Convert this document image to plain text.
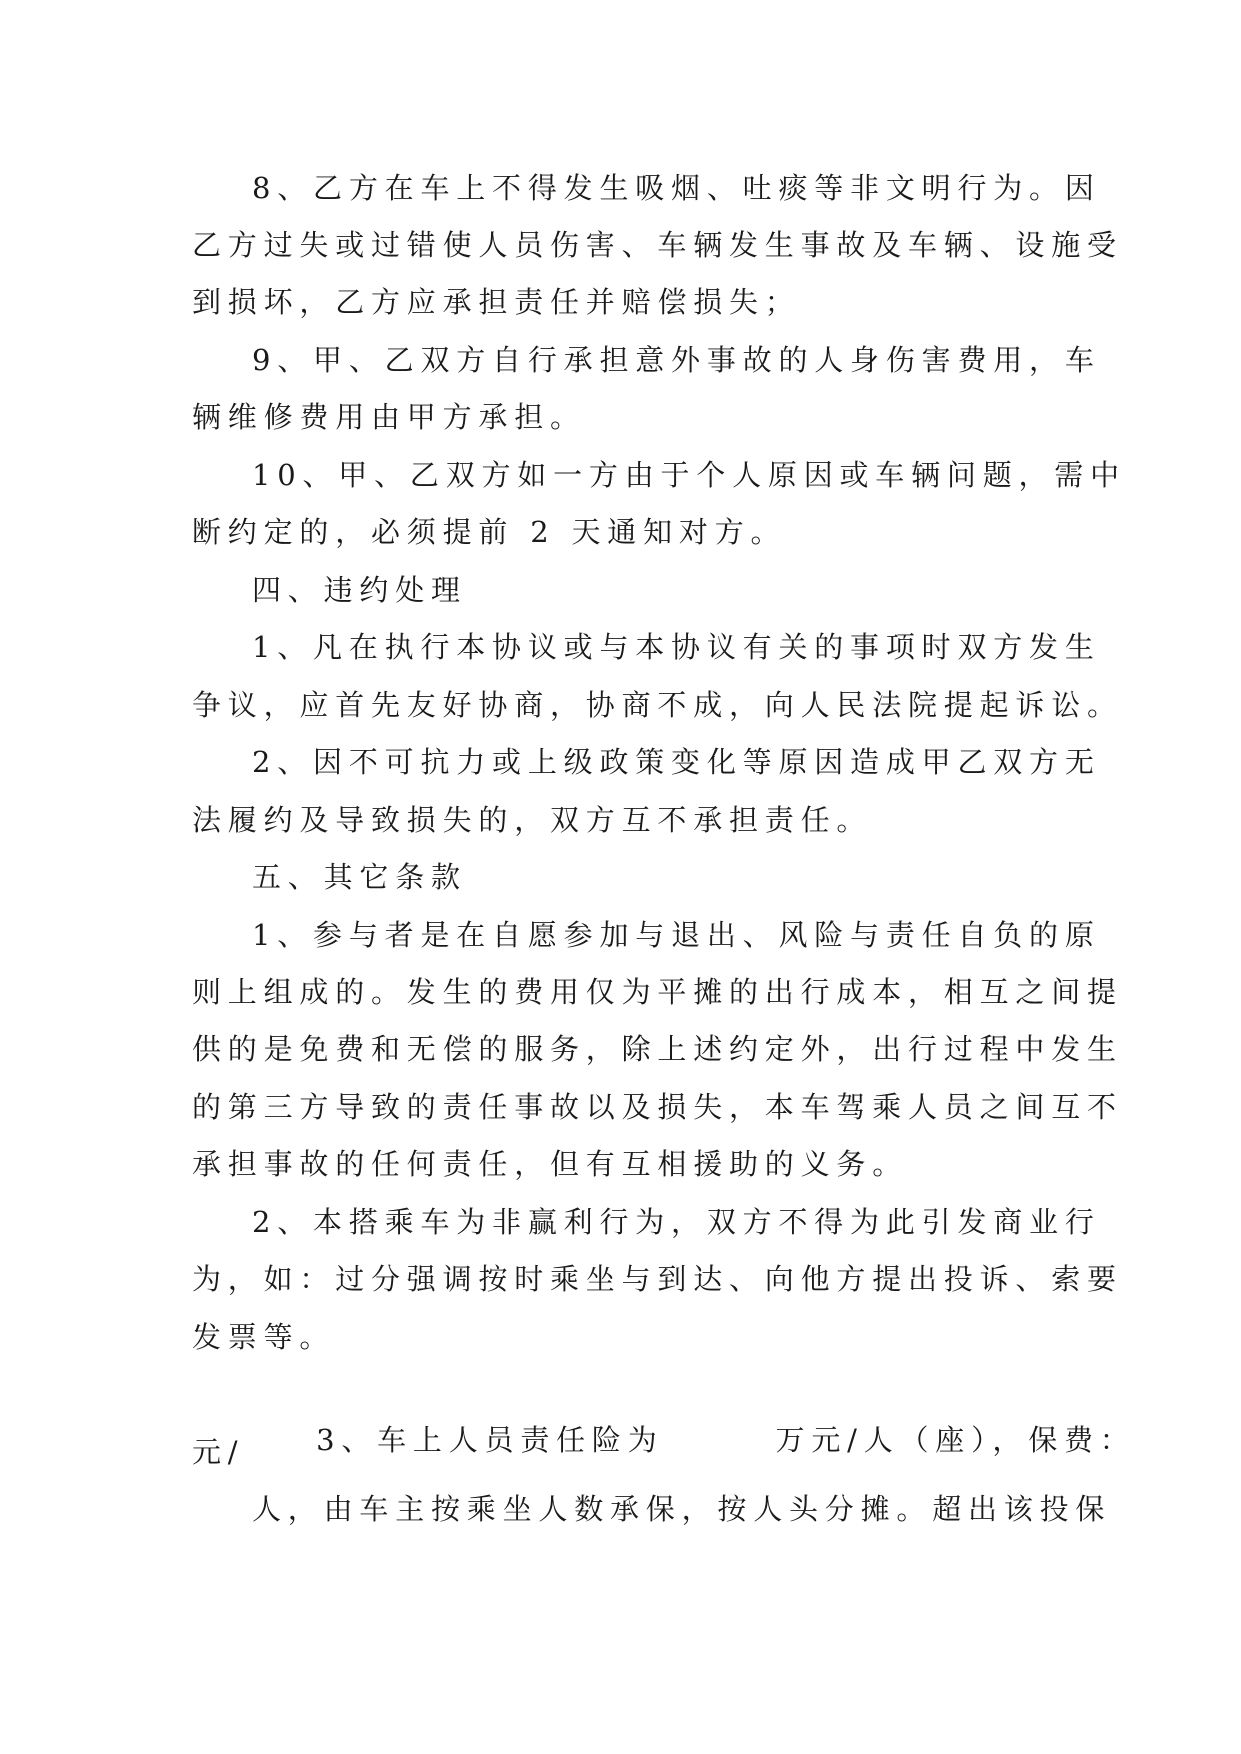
8、乙方在车上不得发生吸烟、吐痰等非文明行为。因
乙方过失或过错使人员伤害、车辆发生事故及车辆、设施受
到损坏，乙方应承担责任并赔偿损失；
9、甲、乙双方自行承担意外事故的人身伤害费用，车
辆维修费用由甲方承担。
10、甲、乙双方如一方由于个人原因或车辆问题，需中
断约定的，必须提前 2 天通知对方。
四、违约处理
1、凡在执行本协议或与本协议有关的事项时双方发生
争议，应首先友好协商，协商不成，向人民法院提起诉讼。
2、因不可抗力或上级政策变化等原因造成甲乙双方无
法履约及导致损失的，双方互不承担责任。
五、其它条款
1、参与者是在自愿参加与退出、风险与责任自负的原
则上组成的。发生的费用仅为平摊的出行成本，相互之间提
供的是免费和无偿的服务，除上述约定外，出行过程中发生
的第三方导致的责任事故以及损失，本车驾乘人员之间互不
承担事故的任何责任，但有互相援助的义务。
2、本搭乘车为非赢利行为，双方不得为此引发商业行
为，如：过分强调按时乘坐与到达、向他方提出投诉、索要
发票等。

3、车上人员责任险为	万元/人（座），保费：

元/
人，由车主按乘坐人数承保，按人头分摊。超出该投保
